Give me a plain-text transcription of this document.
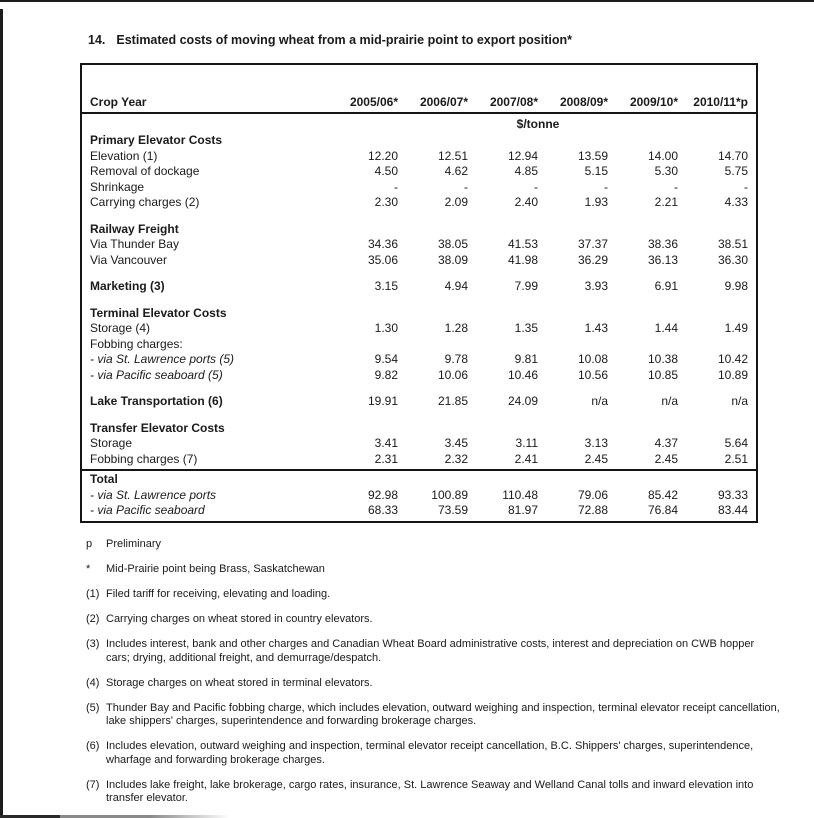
14. Estimated costs of moving wheat from a mid-prairie point to export position*
Crop Year	2005/06*	2006/07*	2007/08*	2008/09*	2009/10*	2010/11*p
$/tonne
Primary Elevator Costs
Elevation (1)	12.20	12.51	12.94	13.59	14.00	14.70
Removal of dockage	4.50	4.62	4.85	5.15	5.30	5.75
Shrinkage	-	-	-	-	-	-
Carrying charges (2)	2.30	2.09	2.40	1.93	2.21	4.33
Railway Freight
Via Thunder Bay	34.36	38.05	41.53	37.37	38.36	38.51
Via Vancouver	35.06	38.09	41.98	36.29	36.13	36.30
Marketing (3)	3.15	4.94	7.99	3.93	6.91	9.98
Terminal Elevator Costs
Storage (4)	1.30	1.28	1.35	1.43	1.44	1.49
Fobbing charges:
- via St. Lawrence ports (5)	9.54	9.78	9.81	10.08	10.38	10.42
- via Pacific seaboard (5)	9.82	10.06	10.46	10.56	10.85	10.89
Lake Transportation (6)	19.91	21.85	24.09	n/a	n/a	n/a
Transfer Elevator Costs
Storage	3.41	3.45	3.11	3.13	4.37	5.64
Fobbing charges (7)	2.31	2.32	2.41	2.45	2.45	2.51
Total
- via St. Lawrence ports	92.98	100.89	110.48	79.06	85.42	93.33
- via Pacific seaboard	68.33	73.59	81.97	72.88	76.84	83.44
p	Preliminary
*	Mid-Prairie point being Brass, Saskatchewan
(1) Filed tariff for receiving, elevating and loading.
(2) Carrying charges on wheat stored in country elevators.
(3) Includes interest, bank and other charges and Canadian Wheat Board administrative costs, interest and depreciation on CWB hopper cars; drying, additional freight, and demurrage/despatch.
(4) Storage charges on wheat stored in terminal elevators.
(5) Thunder Bay and Pacific fobbing charge, which includes elevation, outward weighing and inspection, terminal elevator receipt cancellation, lake shippers' charges, superintendence and forwarding brokerage charges.
(6) Includes elevation, outward weighing and inspection, terminal elevator receipt cancellation, B.C. Shippers' charges, superintendence, wharfage and forwarding brokerage charges.
(7) Includes lake freight, lake brokerage, cargo rates, insurance, St. Lawrence Seaway and Welland Canal tolls and inward elevation into transfer elevator.
